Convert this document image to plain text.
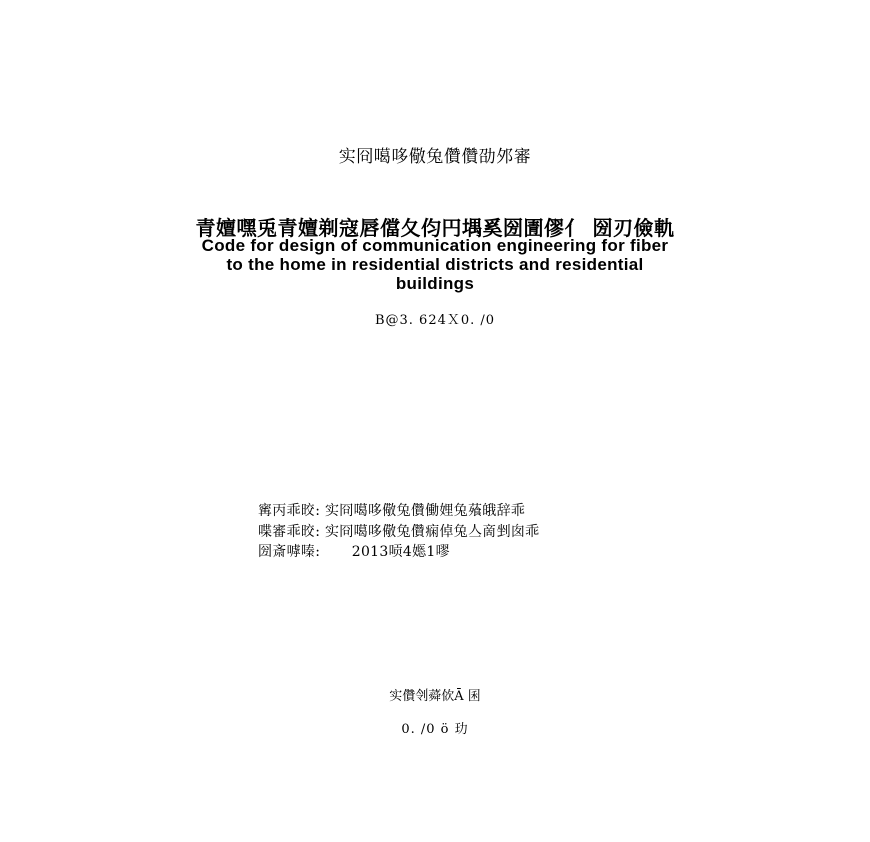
实冏噶哆儆兔儹儹劭邜審
青嬗嘿兎青嬗剃寇唇儅夂伨円堣奚圀圊僇亻 圀刃儉軌
Code for design of communication engineering for fiber
to the home in residential districts and residential
buildings
B@3. 624Ｘ0. /0
寗丙乖晈: 实冏噶哆儆兔儹働娌兔蕵皒辞乖
喋審乖晈: 实冏噶哆儆兔儹痫倬兔亼啇剉囱乖
圀斎嘑嗪: 2013唝4嫕1嘐
实儹刢蕣佽Ā 囷
0. /0 ö 玏
